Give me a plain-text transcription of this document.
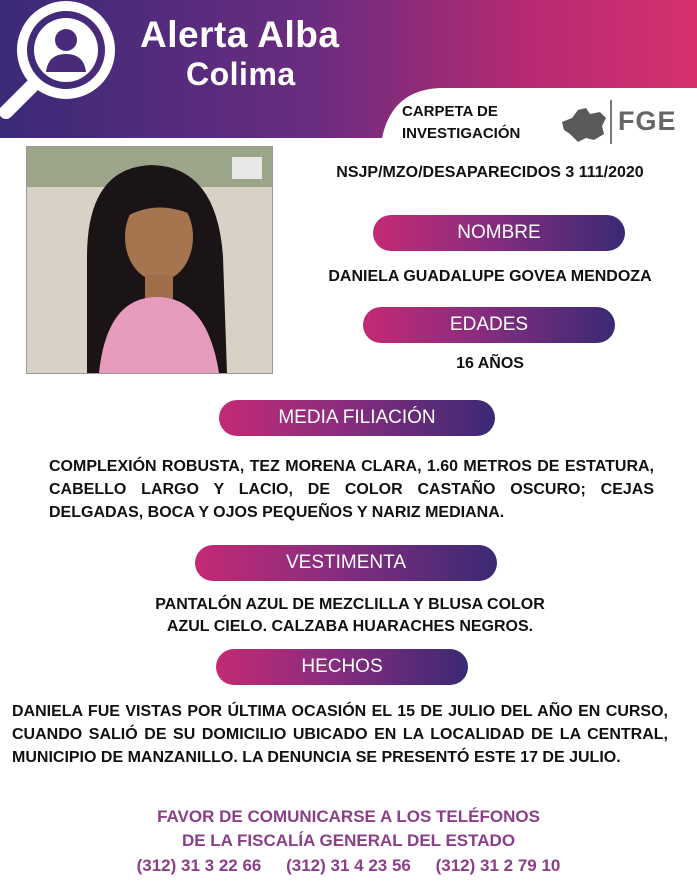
Alerta Alba
Colima
CARPETA DE
INVESTIGACIÓN	FGE
NSJP/MZO/DESAPARECIDOS 3 111/2020
NOMBRE
DANIELA GUADALUPE GOVEA MENDOZA
EDADES
16 AÑOS
MEDIA FILIACIÓN
COMPLEXIÓN ROBUSTA, TEZ MORENA CLARA, 1.60 METROS DE ESTATURA, CABELLO LARGO Y LACIO, DE COLOR CASTAÑO OSCURO; CEJAS DELGADAS, BOCA Y OJOS PEQUEÑOS Y NARIZ MEDIANA.
VESTIMENTA
PANTALÓN AZUL DE MEZCLILLA Y BLUSA COLOR
AZUL CIELO. CALZABA HUARACHES NEGROS.
HECHOS
DANIELA FUE VISTAS POR ÚLTIMA OCASIÓN EL 15 DE JULIO DEL AÑO EN CURSO, CUANDO SALIÓ DE SU DOMICILIO UBICADO EN LA LOCALIDAD DE LA CENTRAL, MUNICIPIO DE MANZANILLO. LA DENUNCIA SE PRESENTÓ ESTE 17 DE JULIO.
FAVOR DE COMUNICARSE A LOS TELÉFONOS
DE LA FISCALÍA GENERAL DEL ESTADO
(312) 31 3 22 66 (312) 31 4 23 56 (312) 31 2 79 10
